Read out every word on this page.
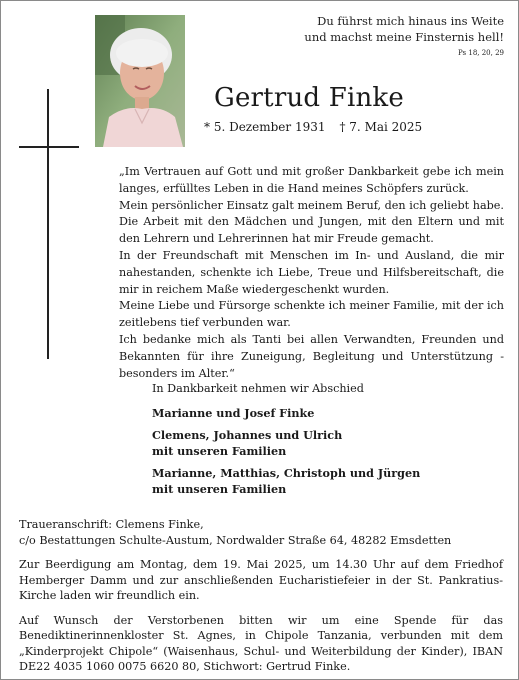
Du führst mich hinaus ins Weite
und machst meine Finsternis hell!
Ps 18, 20, 29
Gertrud Finke
* 5. Dezember 1931 † 7. Mai 2025

„Im Vertrauen auf Gott und mit großer Dankbarkeit gebe ich mein langes, erfülltes Leben in die Hand meines Schöpfers zurück.

Mein persönlicher Einsatz galt meinem Beruf, den ich geliebt habe. Die Arbeit mit den Mädchen und Jungen, mit den Eltern und mit den Lehrern und Lehrerinnen hat mir Freude gemacht.

In der Freundschaft mit Menschen im In- und Ausland, die mir nahestanden, schenkte ich Liebe, Treue und Hilfsbereitschaft, die mir in reichem Maße wiedergeschenkt wurden.

Meine Liebe und Fürsorge schenkte ich meiner Familie, mit der ich zeitlebens tief verbunden war.

Ich bedanke mich als Tanti bei allen Verwandten, Freunden und Bekannten für ihre Zuneigung, Begleitung und Unterstützung - besonders im Alter.“

In Dankbarkeit nehmen wir Abschied

Marianne und Josef Finke
Clemens, Johannes und Ulrich
mit unseren Familien
Marianne, Matthias, Christoph und Jürgen
mit unseren Familien

Traueranschrift: Clemens Finke,
c/o Bestattungen Schulte-Austum, Nordwalder Straße 64, 48282 Emsdetten

Zur Beerdigung am Montag, dem 19. Mai 2025, um 14.30 Uhr auf dem Friedhof Hemberger Damm und zur anschließenden Eucharistiefeier in der St. Pankratius-Kirche laden wir freundlich ein.

Auf Wunsch der Verstorbenen bitten wir um eine Spende für das Benediktinerinnenkloster St. Agnes, in Chipole Tanzania, verbunden mit dem „Kinderprojekt Chipole“ (Waisenhaus, Schul- und Weiterbildung der Kinder), IBAN DE22 4035 1060 0075 6620 80, Stichwort: Gertrud Finke.
